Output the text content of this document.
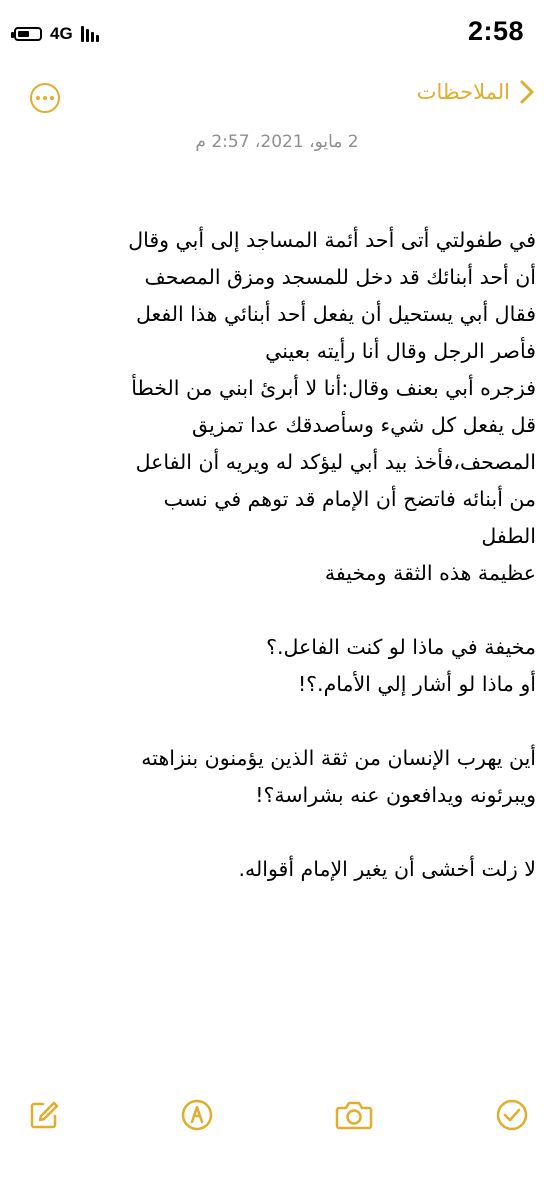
4G	2:58
الملاحظات
2 مايو، 2021، 2:57 م

في طفولتي أتى أحد أئمة المساجد إلى أبي وقال

أن أحد أبنائك قد دخل للمسجد ومزق المصحف

فقال أبي يستحيل أن يفعل أحد أبنائي هذا الفعل

فأصر الرجل وقال أنا رأيته بعيني

فزجره أبي بعنف وقال:أنا لا أبرئ ابني من الخطأ

قل يفعل كل شيء وسأصدقك عدا تمزيق

المصحف،فأخذ بيد أبي ليؤكد له ويريه أن الفاعل

من أبنائه فاتضح أن الإمام قد توهم في نسب

الطفل

عظيمة هذه الثقة ومخيفة

مخيفة في ماذا لو كنت الفاعل.؟

أو ماذا لو أشار إلي الأمام.؟!

أين يهرب الإنسان من ثقة الذين يؤمنون بنزاهته

ويبرئونه ويدافعون عنه بشراسة؟!

لا زلت أخشى أن يغير الإمام أقواله.
